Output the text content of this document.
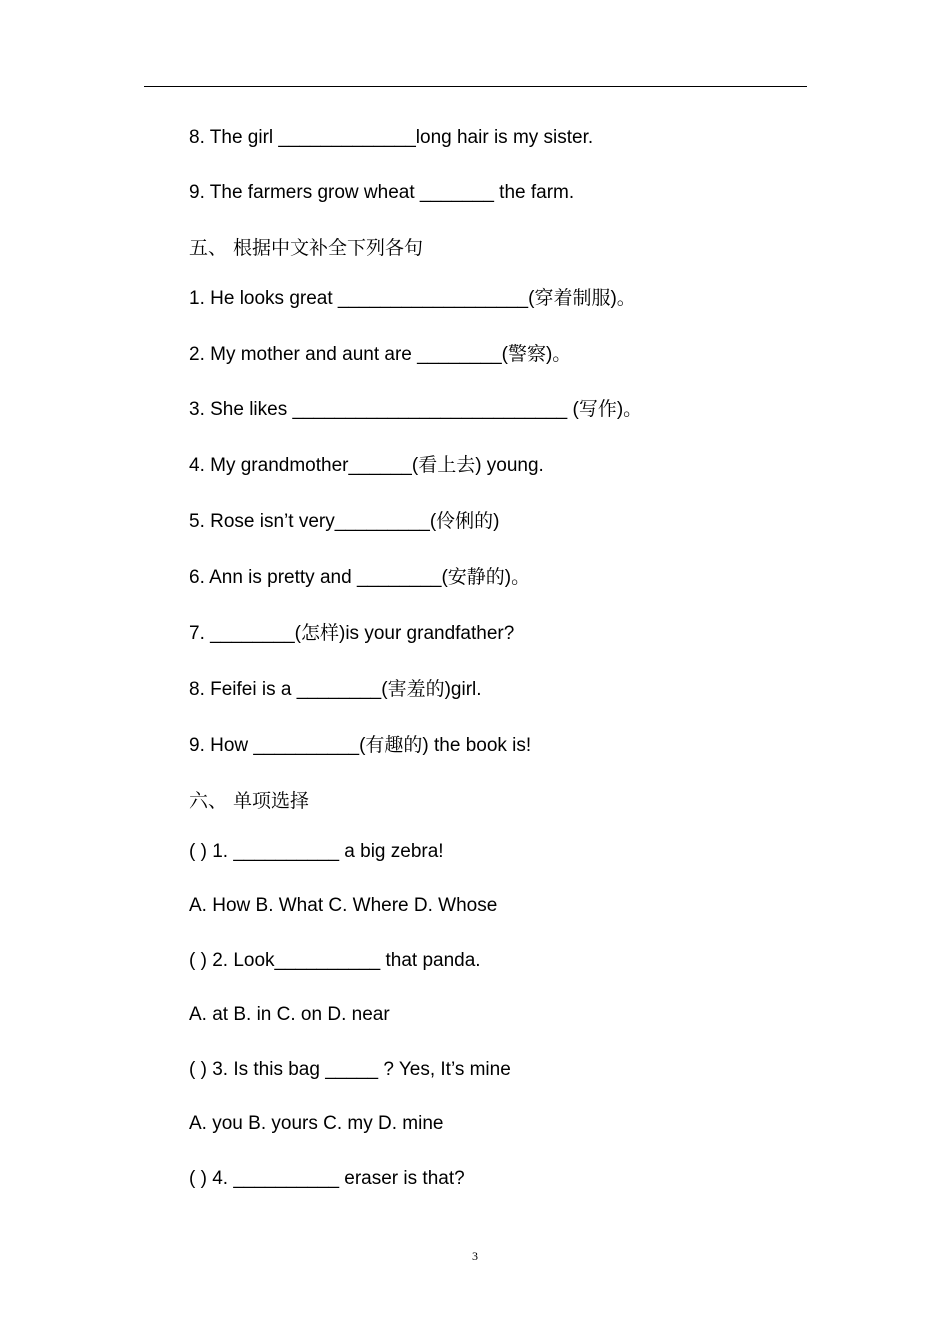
8. The girl _____________long hair is my sister.
9. The farmers grow wheat _______ the farm.
五、 根据中文补全下列各句
1. He looks great __________________(穿着制服)。
2. My mother and aunt are ________(警察)。
3. She likes __________________________ (写作)。
4. My grandmother______(看上去) young.
5. Rose isn’t very_________(伶俐的)
6. Ann is pretty and ________(安静的)。
7. ________(怎样)is your grandfather?
8. Feifei is a ________(害羞的)girl.
9. How __________(有趣的) the book is!
六、 单项选择
( ) 1. __________ a big zebra!
A. How B. What C. Where D. Whose
( ) 2. Look__________ that panda.
A. at B. in C. on D. near
( ) 3. Is this bag _____ ? Yes, It’s mine
A. you B. yours C. my D. mine
( ) 4. __________ eraser is that?
3
